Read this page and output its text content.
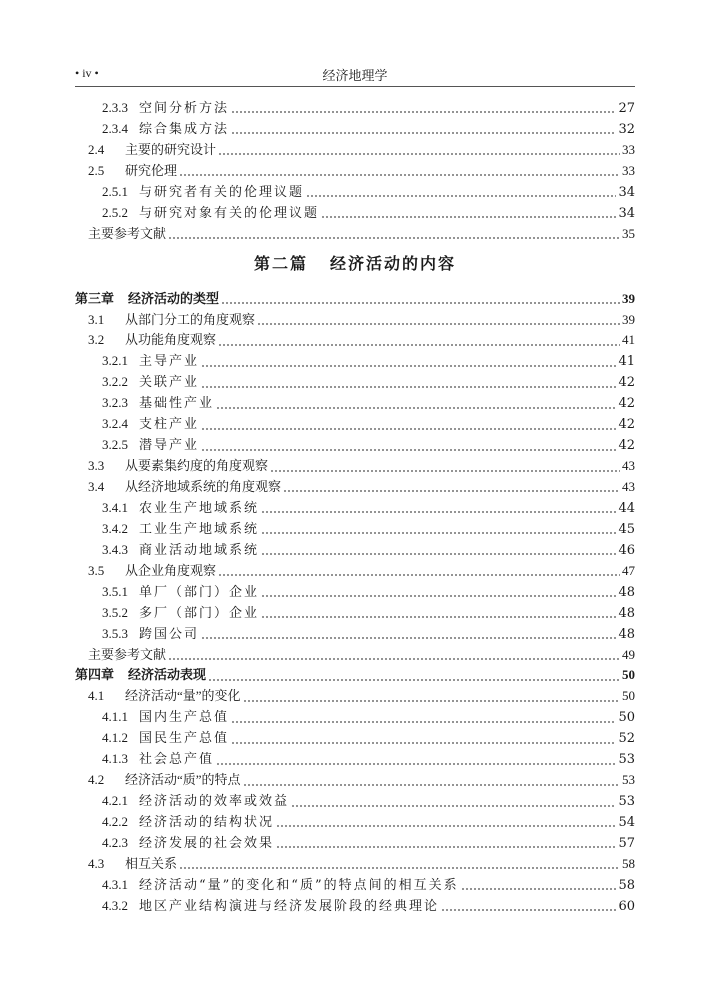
• iv •	经济地理学
2.3.3 空间分析方法	27
2.3.4 综合集成方法	32
2.4	主要的研究设计	33
2.5	研究伦理	33
2.5.1 与研究者有关的伦理议题	34
2.5.2 与研究对象有关的伦理议题	34
主要参考文献	35
第二篇 经济活动的内容
第三章	经济活动的类型	39
3.1	从部门分工的角度观察	39
3.2	从功能角度观察	41
3.2.1 主导产业	41
3.2.2 关联产业	42
3.2.3 基础性产业	42
3.2.4 支柱产业	42
3.2.5 潜导产业	42
3.3	从要素集约度的角度观察	43
3.4	从经济地域系统的角度观察	43
3.4.1 农业生产地域系统	44
3.4.2 工业生产地域系统	45
3.4.3 商业活动地域系统	46
3.5	从企业角度观察	47
3.5.1 单厂（部门）企业	48
3.5.2 多厂（部门）企业	48
3.5.3 跨国公司	48
主要参考文献	49
第四章	经济活动表现	50
4.1	经济活动“量”的变化	50
4.1.1 国内生产总值	50
4.1.2 国民生产总值	52
4.1.3 社会总产值	53
4.2	经济活动“质”的特点	53
4.2.1 经济活动的效率或效益	53
4.2.2 经济活动的结构状况	54
4.2.3 经济发展的社会效果	57
4.3	相互关系	58
4.3.1 经济活动“量”的变化和“质”的特点间的相互关系	58
4.3.2 地区产业结构演进与经济发展阶段的经典理论	60
